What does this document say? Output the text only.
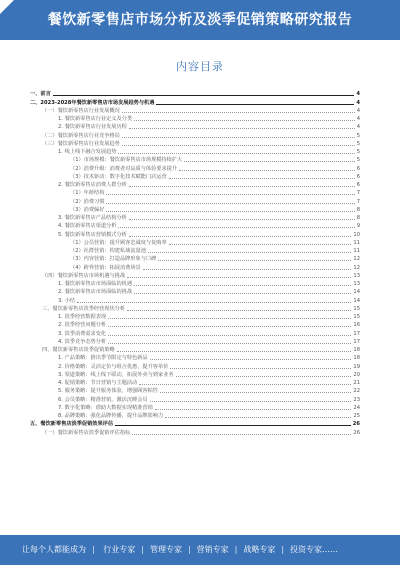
餐饮新零售店市场分析及淡季促销策略研究报告
内容目录
一、前言	4
二、2023-2028年餐饮新零售店市场发展趋势与机遇	4
（一）餐饮新零售店行业发展概况	4
1. 餐饮新零售店行业定义及分类	4
2. 餐饮新零售店行业发展历程	4
（二）餐饮新零售店行业竞争格局	5
（三）餐饮新零售店行业发展趋势	5
1. 线上线下融合发展趋势	5
（1）市场规模：餐饮新零售店市场规模持续扩大	5
（2）消费升级：消费者对品质与体验要求提升	6
（3）技术驱动：数字化技术赋能门店运营	6
2. 餐饮新零售店消费人群分析	6
（1）年龄结构	7
（2）消费习惯	7
（3）消费偏好	8
3. 餐饮新零售店产品结构分析	8
4. 餐饮新零售店渠道分析	9
5. 餐饮新零售店营销模式分析	10
（1）会员营销：提升顾客忠诚度与复购率	11
（2）社群营销：构建私域流量池	11
（3）内容营销：打造品牌形象与口碑	12
（4）跨界营销：拓展消费场景	12
（四）餐饮新零售店市场机遇与挑战	13
1. 餐饮新零售店市场面临的机遇	13
2. 餐饮新零售店市场面临的挑战	14
3. 小结	14
三、餐饮新零售店淡季经营现状分析	15
1. 淡季经营数据表现	15
2. 淡季经营问题分析	16
3. 淡季消费需求变化	17
4. 淡季竞争态势分析	17
四、餐饮新零售店淡季促销策略	18
1. 产品策略：推出季节限定与特色新品	18
2. 价格策略：灵活定价与组合优惠，提升客单价	19
3. 渠道策略：线上线下联动，拓展外卖与到家业务	20
4. 促销策略：节日营销与主题活动	21
5. 服务策略：提升服务体验，增强顾客粘性	22
6. 会员策略：精准营销，激活沉睡会员	23
7. 数字化策略：借助大数据实现精准营销	24
8. 品牌策略：强化品牌传播，提升品牌影响力	25
五、餐饮新零售店淡季促销效果评估	26
（一）餐饮新零售店淡季促销评估指标	26
让每个人都能成为 | 行业专家 | 管理专家 | 营销专家 | 战略专家 | 投资专家……
